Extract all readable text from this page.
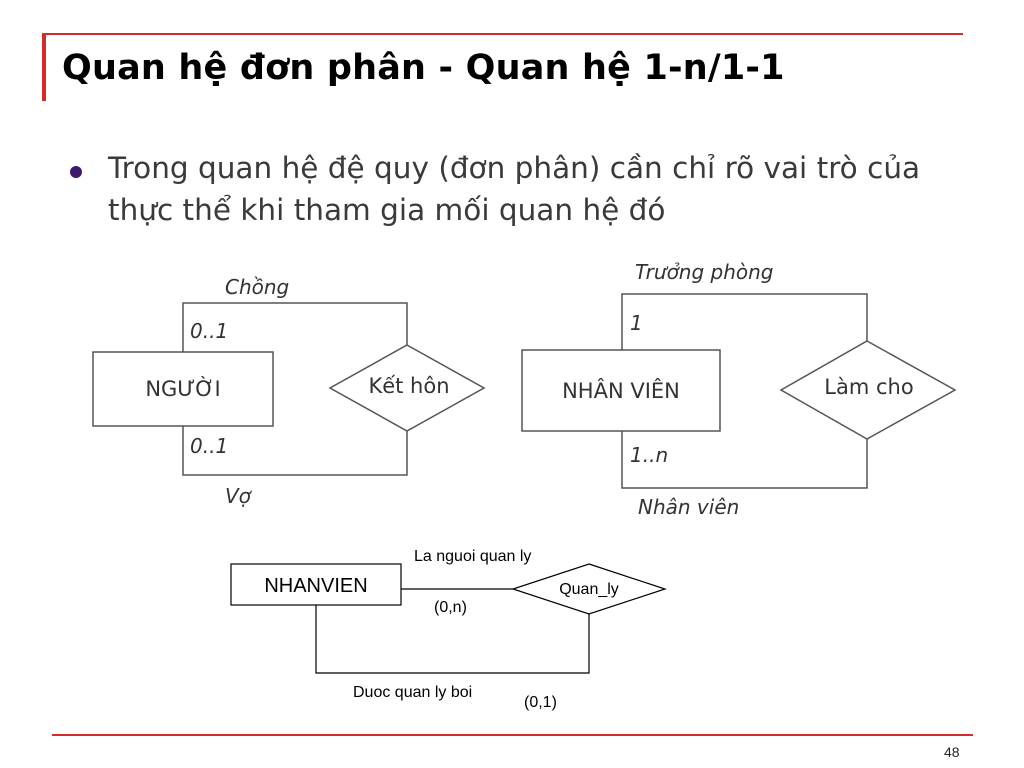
Quan hệ đơn phân - Quan hệ 1-n/1-1
Trong quan hệ đệ quy (đơn phân) cần chỉ rõ vai trò của thực thể khi tham gia mối quan hệ đó
NGƯỜI	Kết hôn
Chồng
Vợ
0..1
0..1
NHÂN VIÊN	Làm cho
Trưởng phòng
Nhân viên
1
1..n
NHANVIEN	Quan_ly
La nguoi quan ly
Duoc quan ly boi
(0,n)
(0,1)
48
